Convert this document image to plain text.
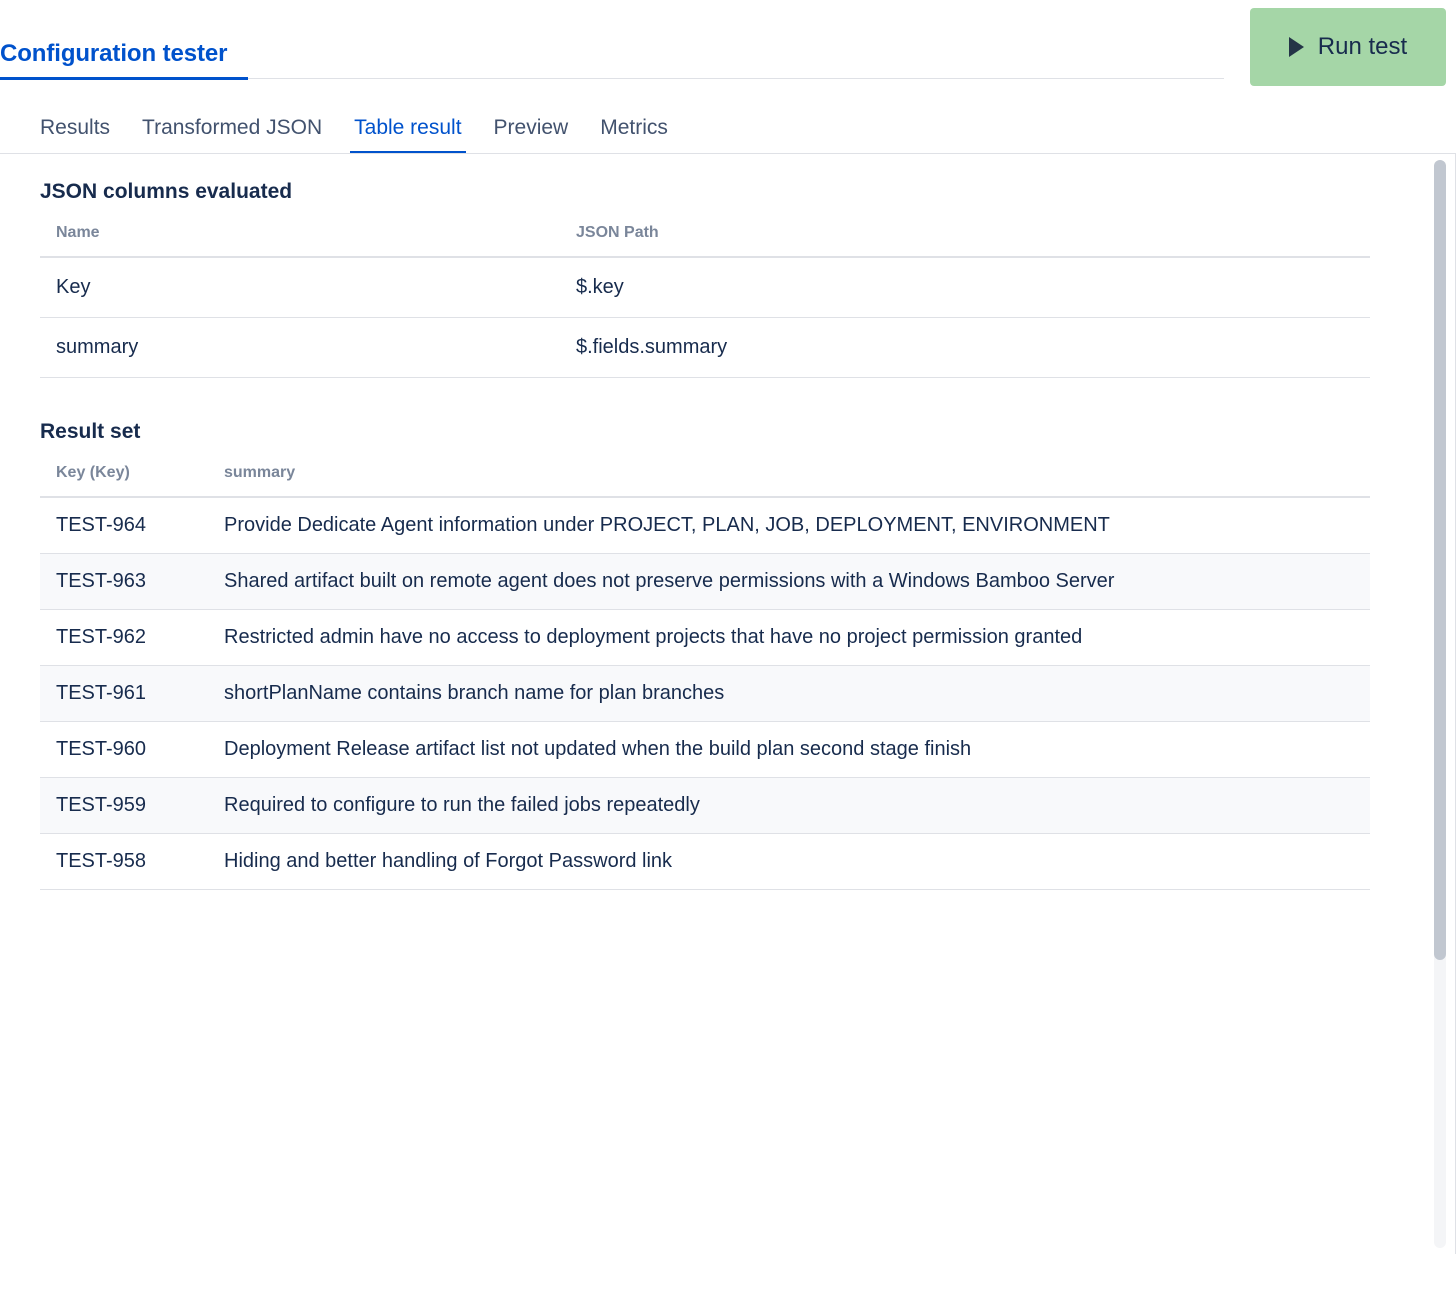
Configuration tester	Run test
Results	Transformed JSON	Table result	Preview	Metrics
JSON columns evaluated
Name	JSON Path
Key	$.key
summary	$.fields.summary
Result set
Key (Key)	summary
TEST-964	Provide Dedicate Agent information under PROJECT, PLAN, JOB, DEPLOYMENT, ENVIRONMENT
TEST-963	Shared artifact built on remote agent does not preserve permissions with a Windows Bamboo Server
TEST-962	Restricted admin have no access to deployment projects that have no project permission granted
TEST-961	shortPlanName contains branch name for plan branches
TEST-960	Deployment Release artifact list not updated when the build plan second stage finish
TEST-959	Required to configure to run the failed jobs repeatedly
TEST-958	Hiding and better handling of Forgot Password link
